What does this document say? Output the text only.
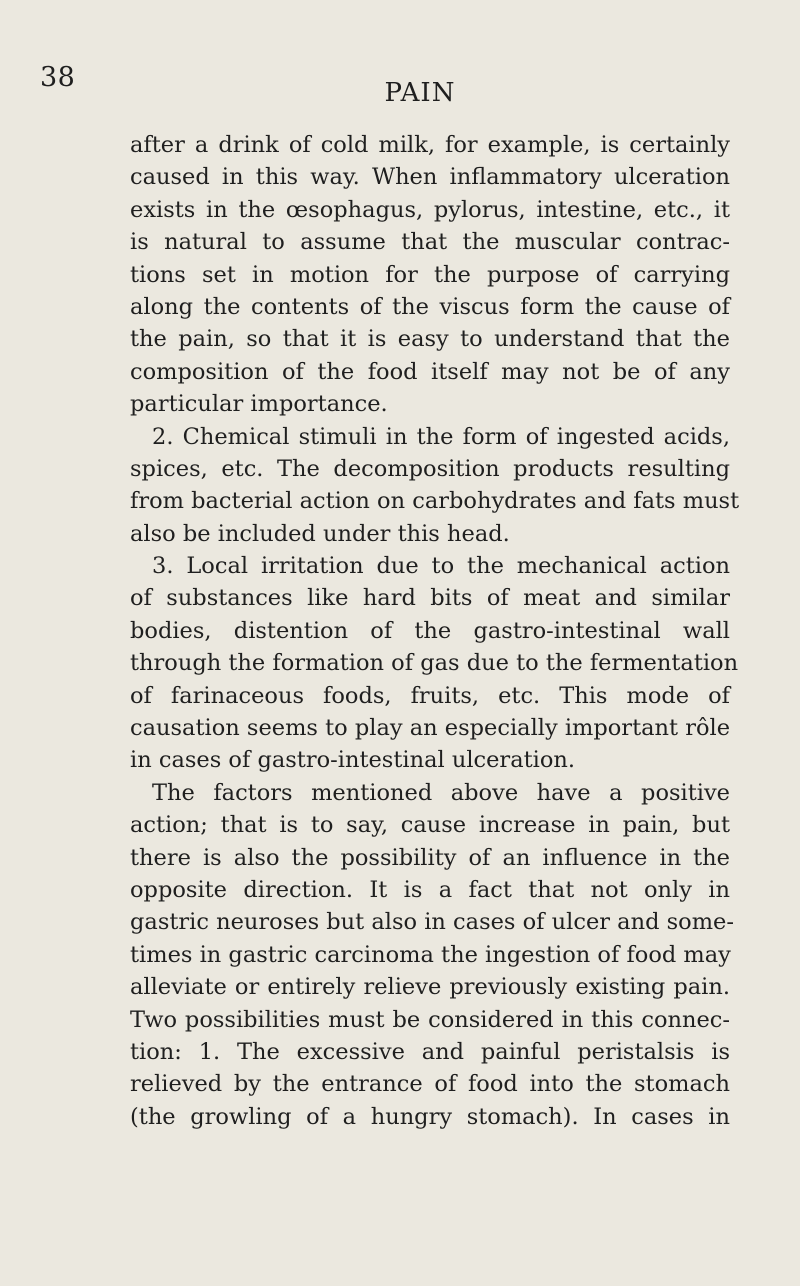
38	PAIN
after a drink of cold milk, for example, is certainly
caused in this way. When inflammatory ulceration
exists in the œsophagus, pylorus, intestine, etc., it
is natural to assume that the muscular contrac-
tions set in motion for the purpose of carrying
along the contents of the viscus form the cause of
the pain, so that it is easy to understand that the
composition of the food itself may not be of any
particular importance.
2. Chemical stimuli in the form of ingested acids,
spices, etc. The decomposition products resulting
from bacterial action on carbohydrates and fats must
also be included under this head.
3. Local irritation due to the mechanical action
of substances like hard bits of meat and similar
bodies, distention of the gastro-intestinal wall
through the formation of gas due to the fermentation
of farinaceous foods, fruits, etc. This mode of
causation seems to play an especially important rôle
in cases of gastro-intestinal ulceration.
The factors mentioned above have a positive
action; that is to say, cause increase in pain, but
there is also the possibility of an influence in the
opposite direction. It is a fact that not only in
gastric neuroses but also in cases of ulcer and some-
times in gastric carcinoma the ingestion of food may
alleviate or entirely relieve previously existing pain.
Two possibilities must be considered in this connec-
tion: 1. The excessive and painful peristalsis is
relieved by the entrance of food into the stomach
(the growling of a hungry stomach). In cases in
